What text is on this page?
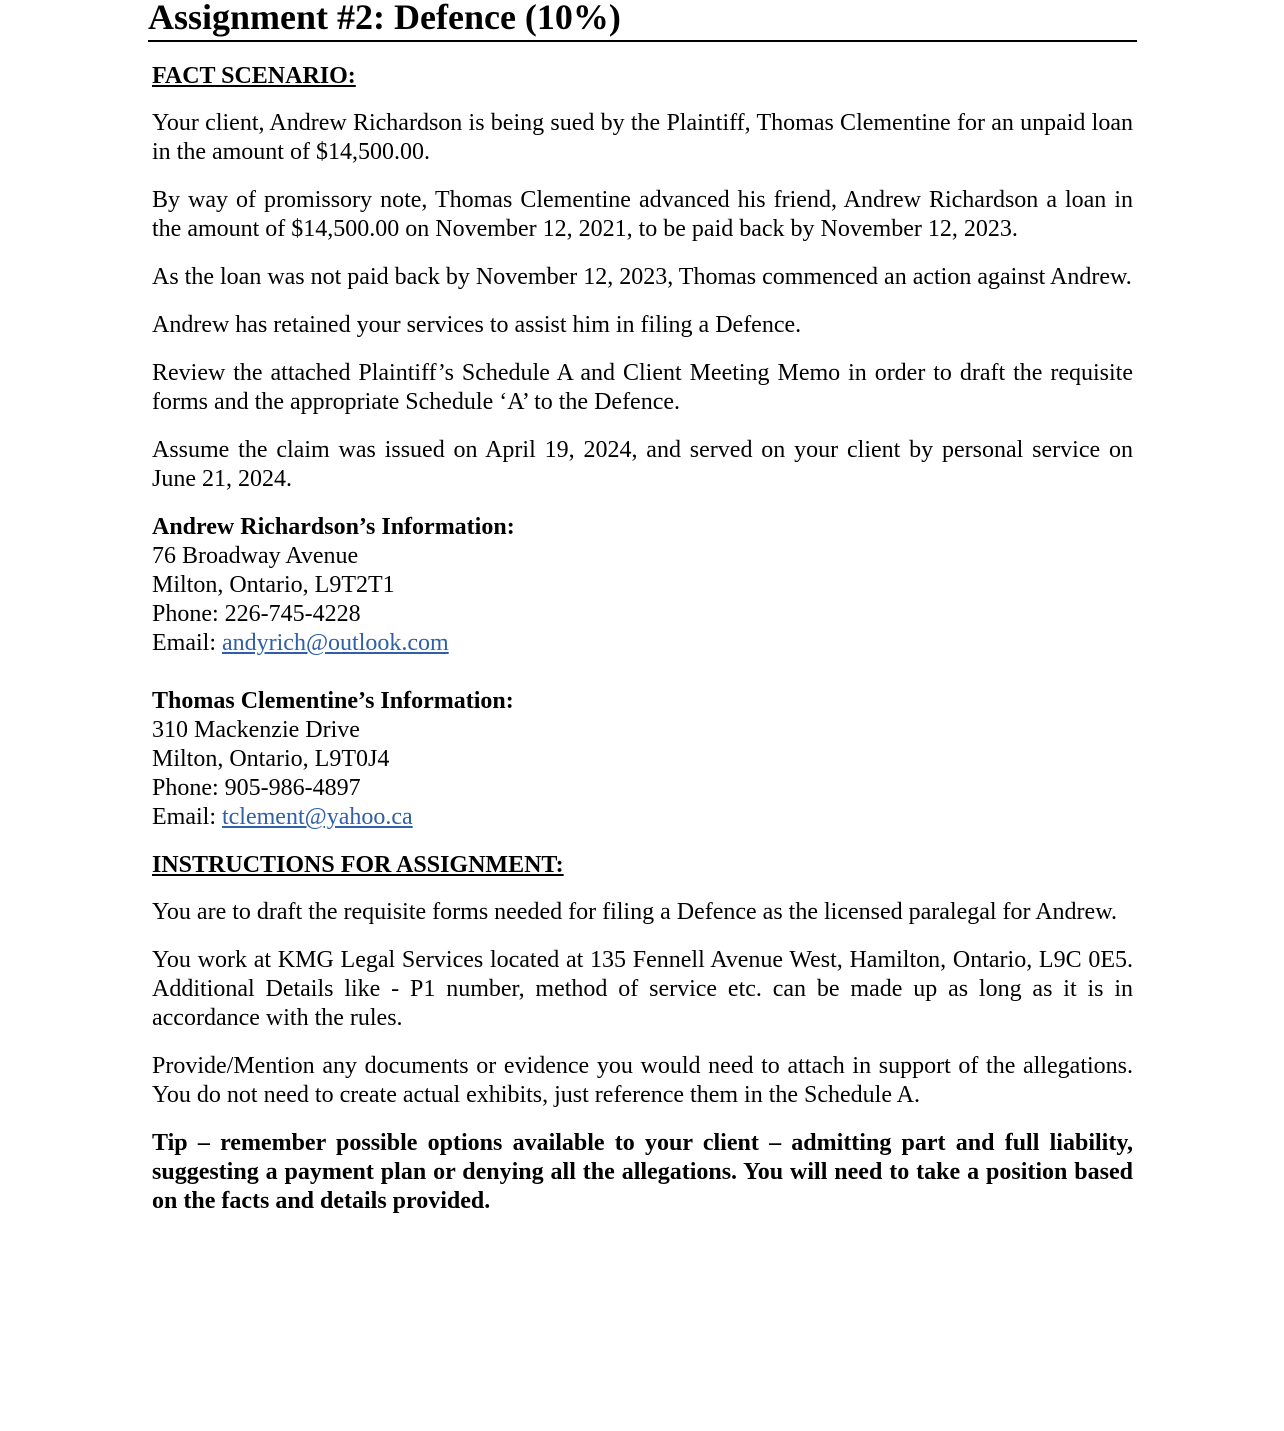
Assignment #2: Defence (10%)
FACT SCENARIO:

Your client, Andrew Richardson is being sued by the Plaintiff, Thomas Clementine for an unpaid loan in the amount of $14,500.00.

By way of promissory note, Thomas Clementine advanced his friend, Andrew Richardson a loan in the amount of $14,500.00 on November 12, 2021, to be paid back by November 12, 2023.

As the loan was not paid back by November 12, 2023, Thomas commenced an action against Andrew.

Andrew has retained your services to assist him in filing a Defence.

Review the attached Plaintiff’s Schedule A and Client Meeting Memo in order to draft the requisite forms and the appropriate Schedule ‘A’ to the Defence.

Assume the claim was issued on April 19, 2024, and served on your client by personal service on June 21, 2024.

Andrew Richardson’s Information:
76 Broadway Avenue
Milton, Ontario, L9T2T1
Phone: 226-745-4228
Email: andyrich@outlook.com
Thomas Clementine’s Information:
310 Mackenzie Drive
Milton, Ontario, L9T0J4
Phone: 905-986-4897
Email: tclement@yahoo.ca
INSTRUCTIONS FOR ASSIGNMENT:

You are to draft the requisite forms needed for filing a Defence as the licensed paralegal for Andrew.

You work at KMG Legal Services located at 135 Fennell Avenue West, Hamilton, Ontario, L9C 0E5. Additional Details like - P1 number, method of service etc. can be made up as long as it is in accordance with the rules.

Provide/Mention any documents or evidence you would need to attach in support of the allegations. You do not need to create actual exhibits, just reference them in the Schedule A.

Tip – remember possible options available to your client – admitting part and full liability, suggesting a payment plan or denying all the allegations. You will need to take a position based on the facts and details provided.
